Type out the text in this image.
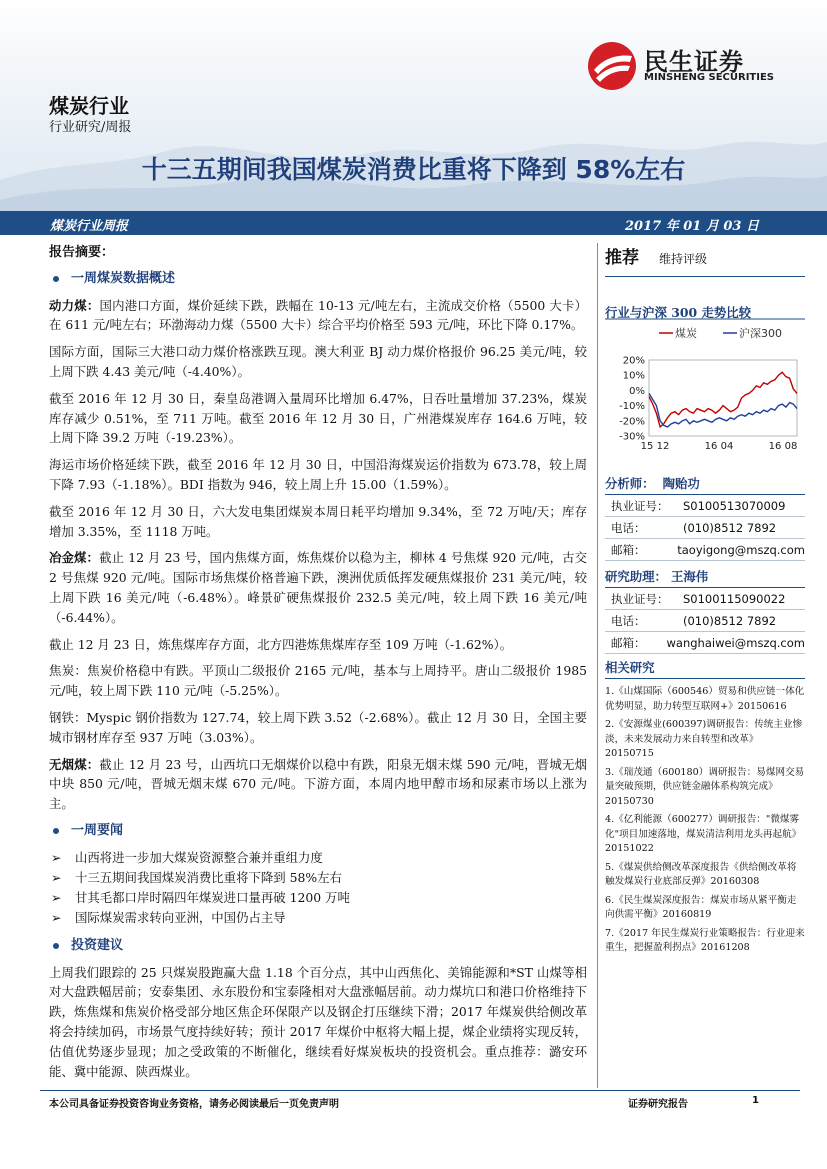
民生证券
MINSHENG SECURITIES
煤炭行业
行业研究/周报
十三五期间我国煤炭消费比重将下降到 58%左右
煤炭行业周报	2017 年 01 月 03 日
报告摘要：
一周煤炭数据概述

动力煤：国内港口方面，煤价延续下跌，跌幅在 10-13 元/吨左右，主流成交价格（5500 大卡）在 611 元/吨左右；环渤海动力煤（5500 大卡）综合平均价格至 593 元/吨，环比下降 0.17%。

国际方面，国际三大港口动力煤价格涨跌互现。澳大利亚 BJ 动力煤价格报价 96.25 美元/吨，较上周下跌 4.43 美元/吨（-4.40%）。

截至 2016 年 12 月 30 日，秦皇岛港调入量周环比增加 6.47%，日吞吐量增加 37.23%，煤炭库存减少 0.51%，至 711 万吨。截至 2016 年 12 月 30 日，广州港煤炭库存 164.6 万吨，较上周下降 39.2 万吨（-19.23%）。

海运市场价格延续下跌，截至 2016 年 12 月 30 日，中国沿海煤炭运价指数为 673.78，较上周下降 7.93（-1.18%）。BDI 指数为 946，较上周上升 15.00（1.59%）。

截至 2016 年 12 月 30 日，六大发电集团煤炭本周日耗平均增加 9.34%，至 72 万吨/天；库存增加 3.35%，至 1118 万吨。

冶金煤：截止 12 月 23 号，国内焦煤方面，炼焦煤价以稳为主，柳林 4 号焦煤 920 元/吨，古交 2 号焦煤 920 元/吨。国际市场焦煤价格普遍下跌，澳洲优质低挥发硬焦煤报价 231 美元/吨，较上周下跌 16 美元/吨（-6.48%）。峰景矿硬焦煤报价 232.5 美元/吨，较上周下跌 16 美元/吨（-6.44%）。

截止 12 月 23 日，炼焦煤库存方面，北方四港炼焦煤库存至 109 万吨（-1.62%）。

焦炭：焦炭价格稳中有跌。平顶山二级报价 2165 元/吨，基本与上周持平。唐山二级报价 1985 元/吨，较上周下跌 110 元/吨（-5.25%）。

钢铁：Myspic 钢价指数为 127.74，较上周下跌 3.52（-2.68%）。截止 12 月 30 日，全国主要城市钢材库存至 937 万吨（3.03%）。

无烟煤：截止 12 月 23 号，山西坑口无烟煤价以稳中有跌，阳泉无烟末煤 590 元/吨，晋城无烟中块 850 元/吨，晋城无烟末煤 670 元/吨。下游方面，本周内地甲醇市场和尿素市场以上涨为主。

一周要闻
➢ 山西将进一步加大煤炭资源整合兼并重组力度
➢ 十三五期间我国煤炭消费比重将下降到 58%左右
➢ 甘其毛都口岸时隔四年煤炭进口量再破 1200 万吨
➢ 国际煤炭需求转向亚洲，中国仍占主导
投资建议

上周我们跟踪的 25 只煤炭股跑赢大盘 1.18 个百分点，其中山西焦化、美锦能源和*ST 山煤等相对大盘跌幅居前；安泰集团、永东股份和宝泰隆相对大盘涨幅居前。动力煤坑口和港口价格维持下跌，炼焦煤和焦炭价格受部分地区焦企环保限产以及钢企打压继续下滑；2017 年煤炭供给侧改革将会持续加码，市场景气度持续好转；预计 2017 年煤价中枢将大幅上提，煤企业绩将实现反转，估值优势逐步显现；加之受政策的不断催化，继续看好煤炭板块的投资机会。重点推荐：潞安环能、冀中能源、陕西煤业。

推荐 维持评级
行业与沪深 300 走势比较
煤炭	沪深300
20%
10%
0%
-10%
-20%
-30%
15 12	16 04	16 08
分析师： 陶贻功
执业证号：	S0100513070009
电话：	(010)8512 7892
邮箱：	taoyigong@mszq.com
研究助理： 王海伟
执业证号：	S0100115090022
电话：	(010)8512 7892
邮箱：	wanghaiwei@mszq.com
相关研究
1.《山煤国际（600546）贸易和供应链一体化优势明显，助力转型互联网+》20150616
2.《安源煤业(600397)调研报告：传统主业惨淡，未来发展动力来自转型和改革》20150715
3.《瑞茂通（600180）调研报告：易煤网交易量突破预期，供应链金融体系构筑完成》20150730
4.《亿利能源（600277）调研报告："微煤雾化"项目加速落地，煤炭清洁利用龙头再起航》20151022
5.《煤炭供给侧改革深度报告《供给侧改革将触发煤炭行业底部反弹》20160308
6.《民生煤炭深度报告：煤炭市场从紧平衡走向供需平衡》20160819
7.《2017 年民生煤炭行业策略报告：行业迎来重生，把握盈利拐点》20161208
本公司具备证券投资咨询业务资格，请务必阅读最后一页免责声明	证券研究报告	1
